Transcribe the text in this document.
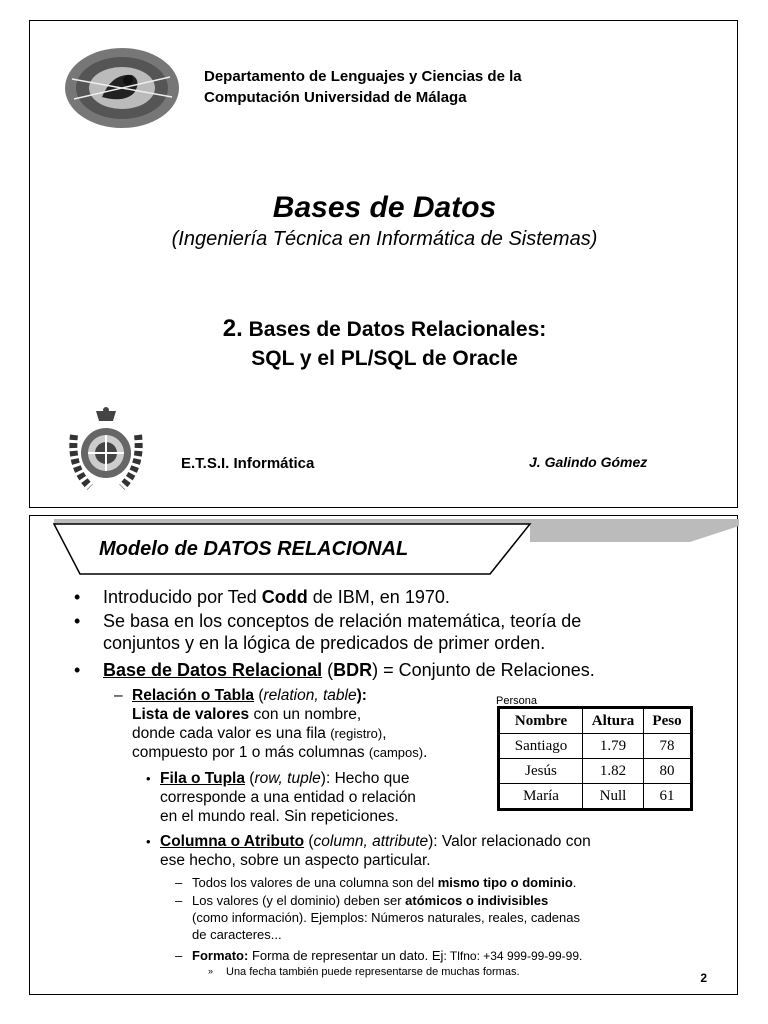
Departamento de Lenguajes y Ciencias de la
Computación Universidad de Málaga
Bases de Datos
(Ingeniería Técnica en Informática de Sistemas)
2. Bases de Datos Relacionales:
SQL y el PL/SQL de Oracle
E.T.S.I. Informática	J. Galindo Gómez
Modelo de DATOS RELACIONAL
• Introducido por Ted Codd de IBM, en 1970.
• Se basa en los conceptos de relación matemática, teoría de
conjuntos y en la lógica de predicados de primer orden.
• Base de Datos Relacional (BDR) = Conjunto de Relaciones.
– Relación o Tabla (relation, table):
Lista de valores con un nombre,
donde cada valor es una fila (registro),
compuesto por 1 o más columnas (campos).
• Fila o Tupla (row, tuple): Hecho que
corresponde a una entidad o relación
en el mundo real. Sin repeticiones.
• Columna o Atributo (column, attribute): Valor relacionado con
ese hecho, sobre un aspecto particular.
– Todos los valores de una columna son del mismo tipo o dominio.
– Los valores (y el dominio) deben ser atómicos o indivisibles
(como información). Ejemplos: Números naturales, reales, cadenas
de caracteres...
– Formato: Forma de representar un dato. Ej: Tlfno: +34 999-99-99-99.
» Una fecha también puede representarse de muchas formas.
Persona
Nombre	Altura	Peso
Santiago	1.79	78
Jesús	1.82	80
María	Null	61
2
